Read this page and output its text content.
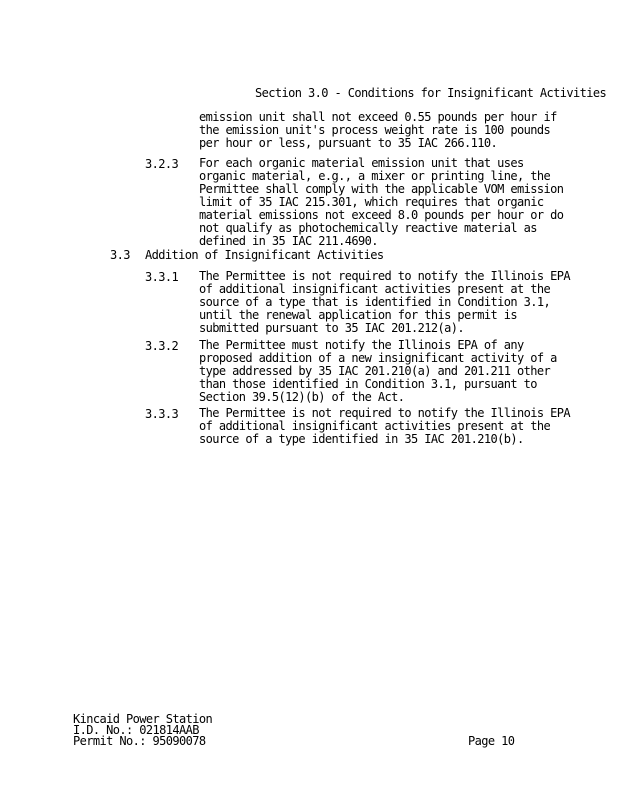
Section 3.0 - Conditions for Insignificant Activities
emission unit shall not exceed 0.55 pounds per hour if
the emission unit's process weight rate is 100 pounds
per hour or less, pursuant to 35 IAC 266.110.
3.2.3 For each organic material emission unit that uses
organic material, e.g., a mixer or printing line, the
Permittee shall comply with the applicable VOM emission
limit of 35 IAC 215.301, which requires that organic
material emissions not exceed 8.0 pounds per hour or do
not qualify as photochemically reactive material as
defined in 35 IAC 211.4690.
3.3 Addition of Insignificant Activities
3.3.1 The Permittee is not required to notify the Illinois EPA
of additional insignificant activities present at the
source of a type that is identified in Condition 3.1,
until the renewal application for this permit is
submitted pursuant to 35 IAC 201.212(a).
3.3.2 The Permittee must notify the Illinois EPA of any
proposed addition of a new insignificant activity of a
type addressed by 35 IAC 201.210(a) and 201.211 other
than those identified in Condition 3.1, pursuant to
Section 39.5(12)(b) of the Act.
3.3.3 The Permittee is not required to notify the Illinois EPA
of additional insignificant activities present at the
source of a type identified in 35 IAC 201.210(b).
Kincaid Power Station
I.D. No.: 021814AAB
Permit No.: 95090078	Page 10
